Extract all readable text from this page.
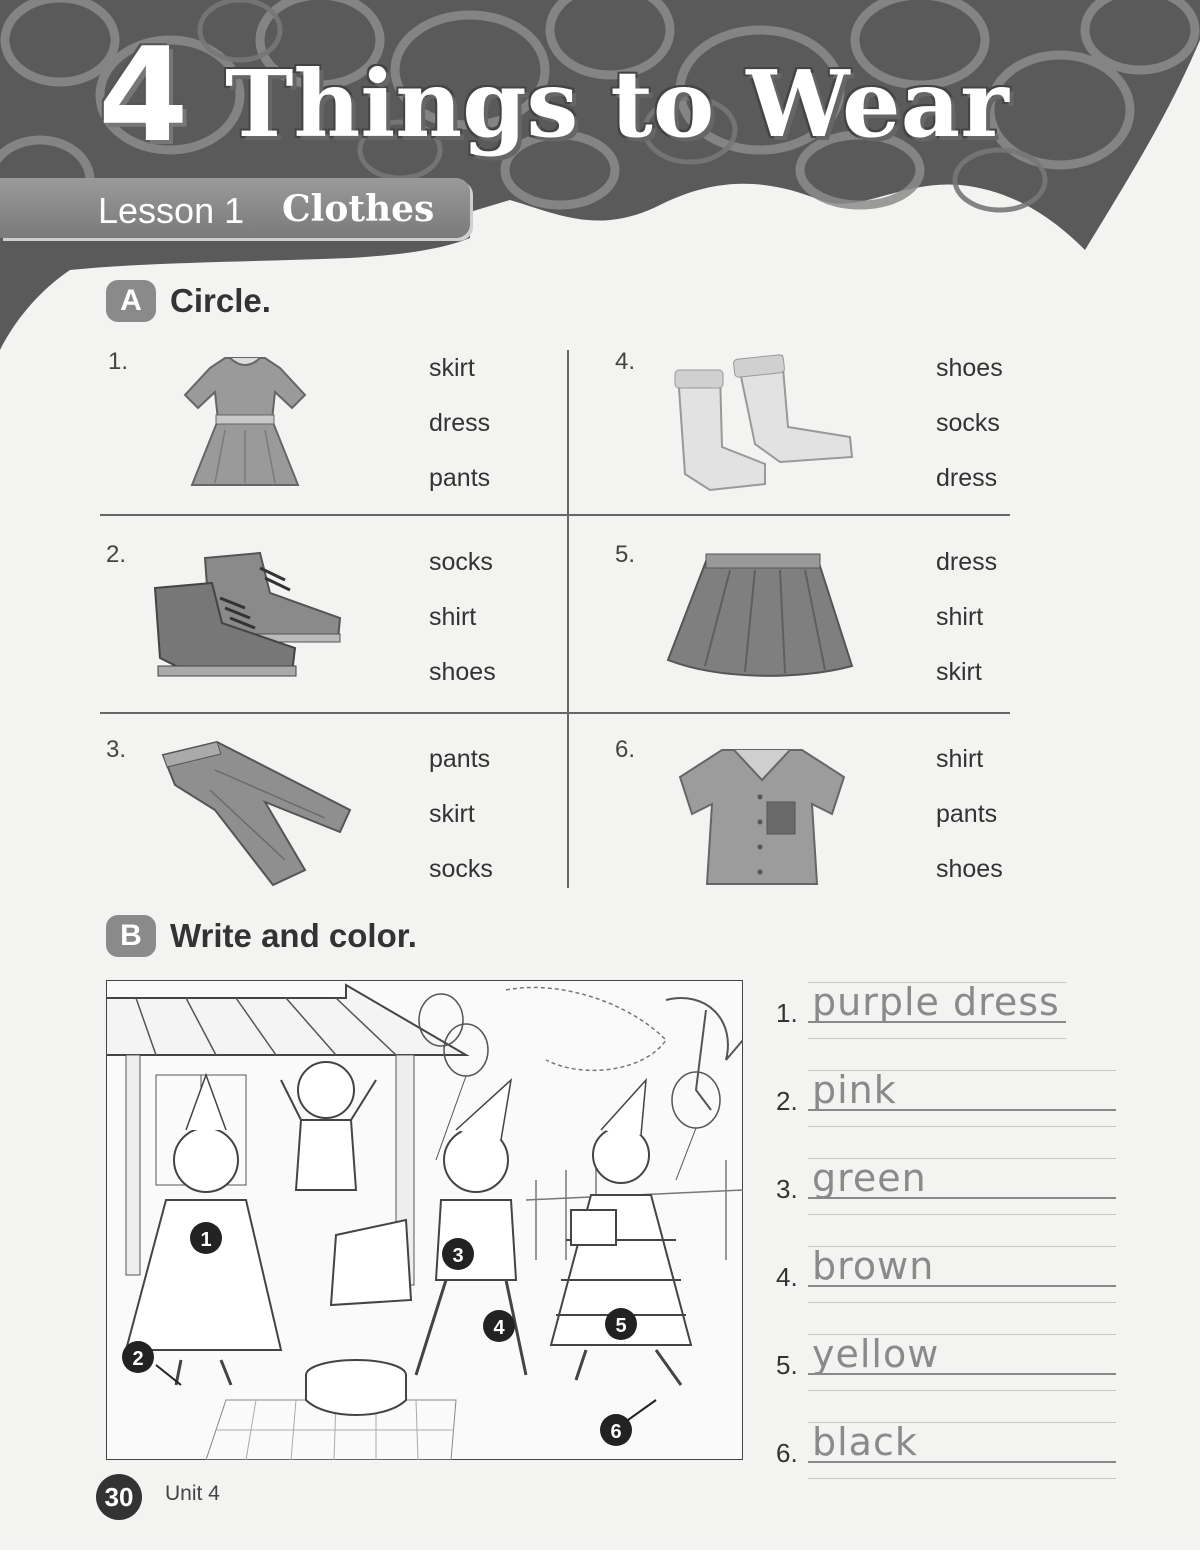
4 Things to Wear
Lesson 1 Clothes
A Circle.
1.	skirt
dress
pants
2.	socks
shirt
shoes
3.	pants
skirt
socks
4.	shoes
socks
dress
5.	dress
shirt
skirt
6.	shirt
pants
shoes
B Write and color.
1
2
3
4	5
6
1. purple dress
2. pink
3. green
4. brown
5. yellow
6. black
30	Unit 4
